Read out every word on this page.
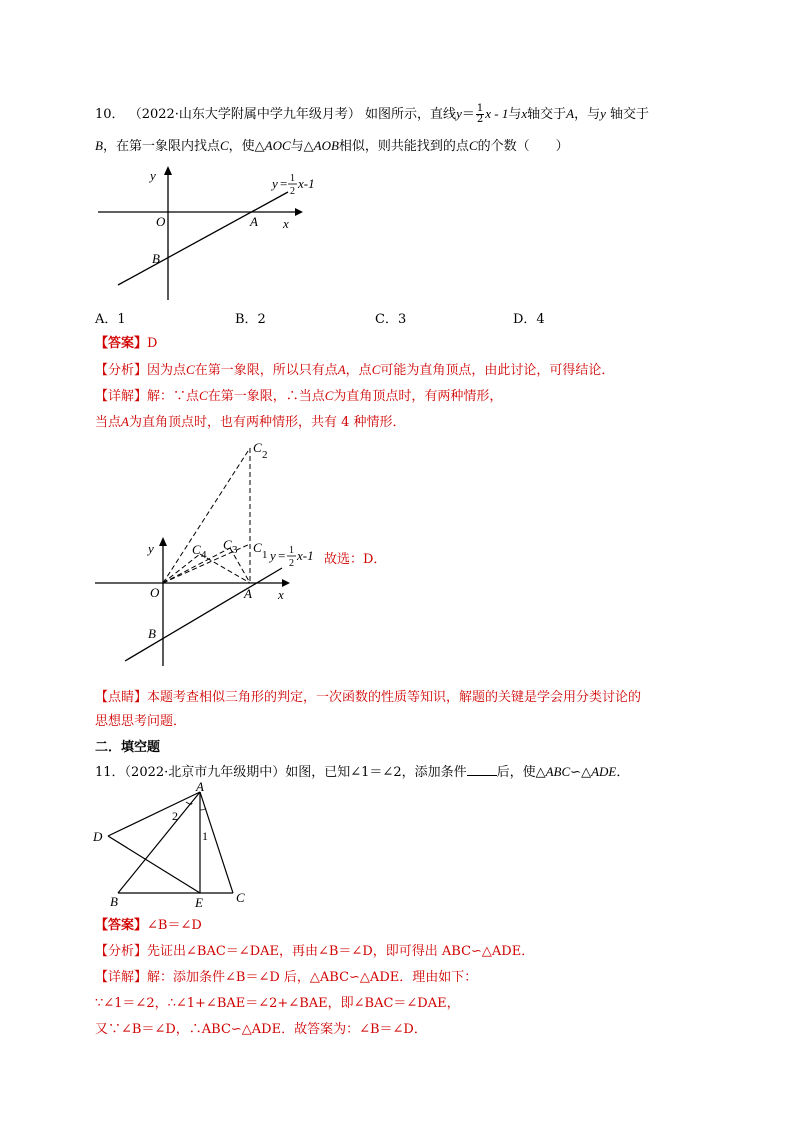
10． （2022·山东大学附属中学九年级月考） 如图所示，直线$y= \frac{1}{2}$ x - 1与x轴交于A，与y 轴交于
B，在第一象限内找点C，使△AOC与△AOB相似，则共能找到的点C的个数（　　）
y
O	A x
B
y = 1
2
x-1
A．1	B．2	C．3	D．4
【答案】D
【分析】因为点C在第一象限，所以只有点A，点C可能为直角顶点，由此讨论，可得结论．
【详解】解：∵点C在第一象限，∴当点C为直角顶点时，有两种情形，
当点A为直角顶点时，也有两种情形，共有 4 种情形．
C 2
C 1
C 3
C 4
y
O	A x
B
y = 1
2
x-1 故选：D．
【点睛】本题考查相似三角形的判定，一次函数的性质等知识，解题的关键是学会用分类讨论的
思想思考问题．
二．填空题
11．（2022·北京市九年级期中）如图，已知∠1＝∠2，添加条件 后，使△ABC∽△ADE．
A
D
B	E	C
1
2
【答案】∠B＝∠D
【分析】先证出∠BAC＝∠DAE，再由∠B＝∠D，即可得出 ABC∽△ADE．
【详解】解：添加条件∠B＝∠D 后，△ABC∽△ADE．理由如下：
∵∠1＝∠2，∴∠1+∠BAE＝∠2+∠BAE，即∠BAC＝∠DAE，
又∵∠B＝∠D，∴ABC∽△ADE．故答案为：∠B＝∠D．
